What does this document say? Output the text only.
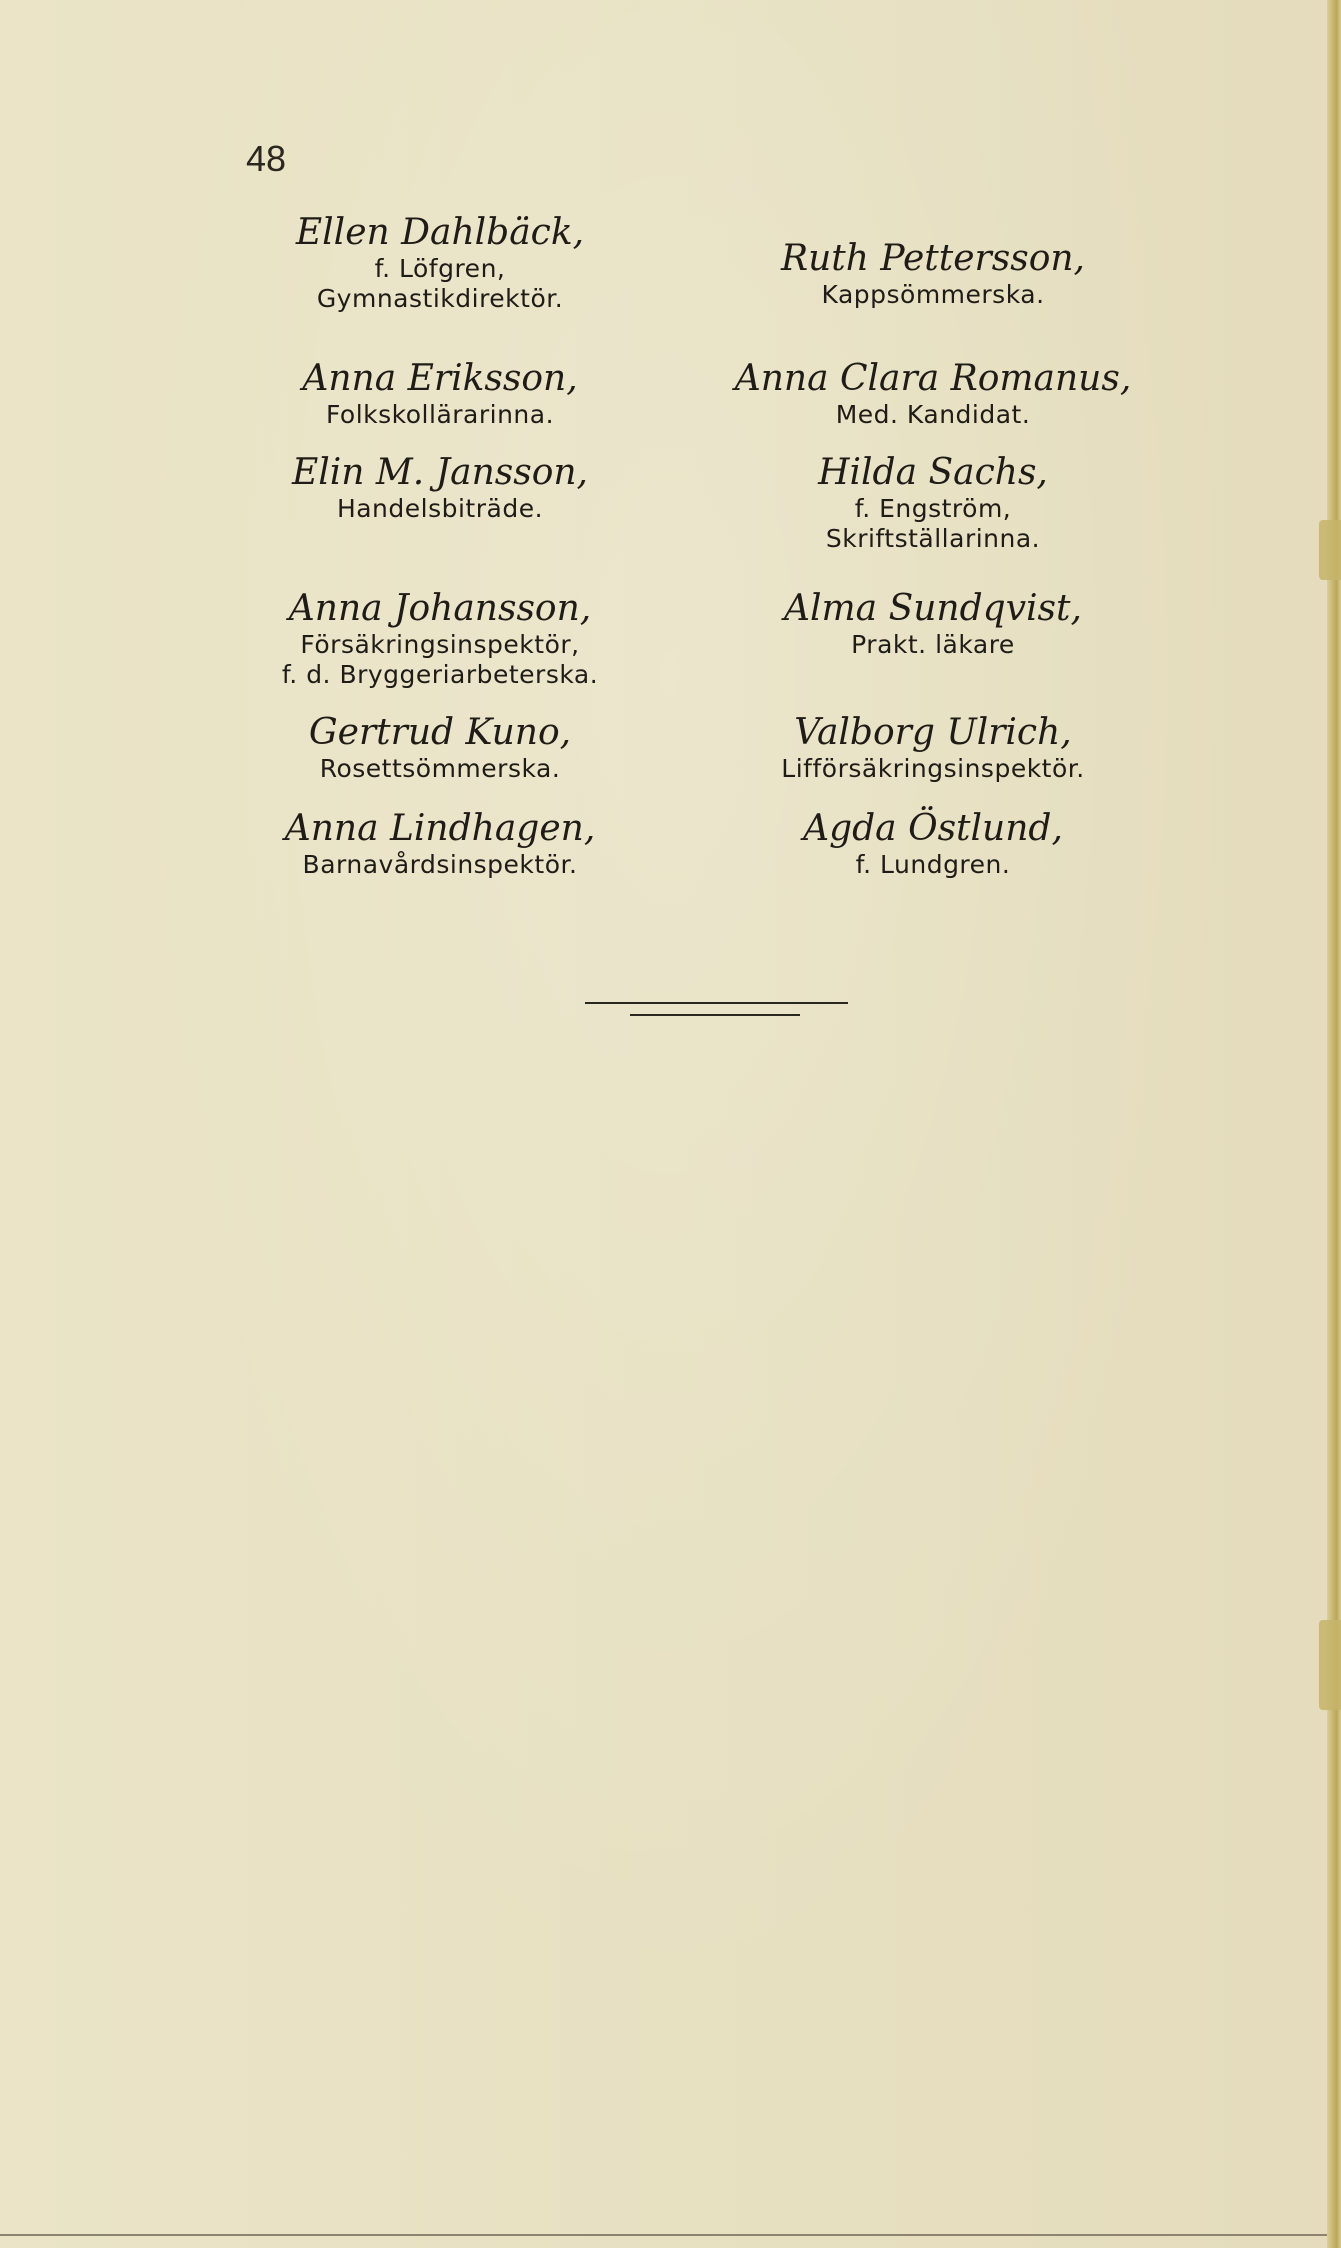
48
Ellen Dahlbäck,
f. Löfgren,
Gymnastikdirektör.
Anna Eriksson,
Folkskollärarinna.
Elin M. Jansson,
Handelsbiträde.
Anna Johansson,
Försäkringsinspektör,
f. d. Bryggeriarbeterska.
Gertrud Kuno,
Rosettsömmerska.
Anna Lindhagen,
Barnavårdsinspektör.
Ruth Pettersson,
Kappsömmerska.
Anna Clara Romanus,
Med. Kandidat.
Hilda Sachs,
f. Engström,
Skriftställarinna.
Alma Sundqvist,
Prakt. läkare
Valborg Ulrich,
Lifförsäkringsinspektör.
Agda Östlund,
f. Lundgren.
